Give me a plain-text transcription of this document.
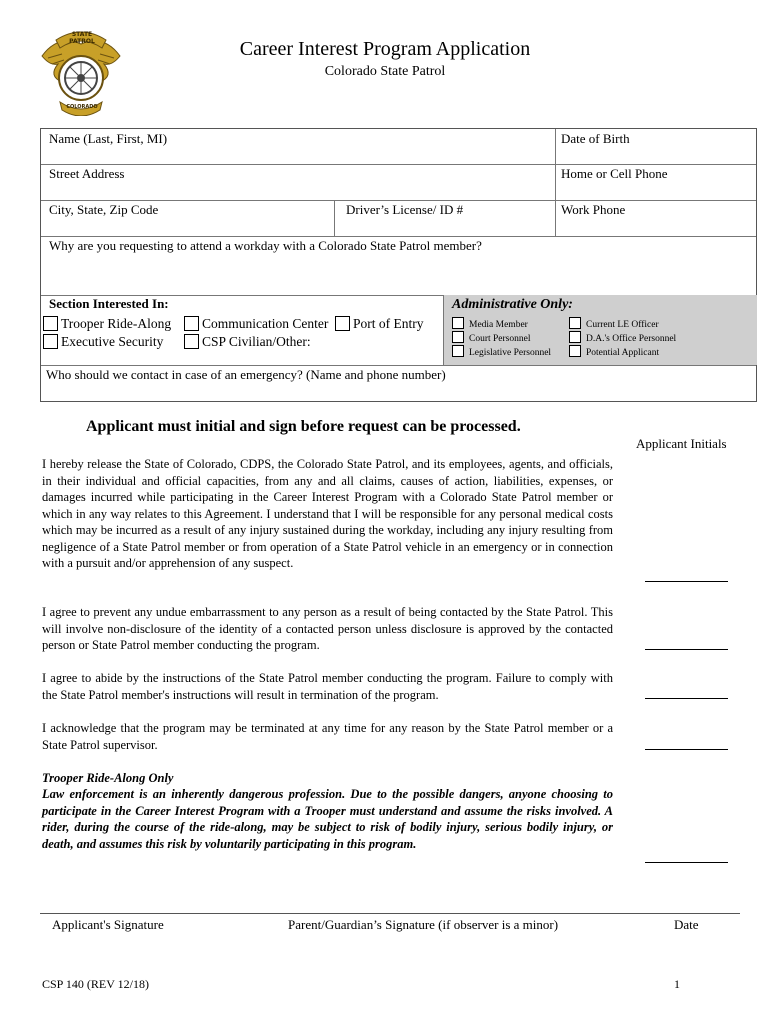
STATE PATROL
COLORADO
Career Interest Program Application
Colorado State Patrol
Name (Last, First, MI)	Date of Birth
Street Address	Home or Cell Phone
City, State, Zip Code	Driver’s License/ ID #	Work Phone
Why are you requesting to attend a workday with a Colorado State Patrol member?
Section Interested In:
Trooper Ride-Along	Communication Center	Port of Entry
Executive Security	CSP Civilian/Other:
Administrative Only:
Media Member
Court Personnel
Legislative Personnel
Current LE Officer
D.A.'s Office Personnel
Potential Applicant
Who should we contact in case of an emergency? (Name and phone number)
Applicant must initial and sign before request can be processed.
Applicant Initials
I hereby release the State of Colorado, CDPS, the Colorado State Patrol, and its employees, agents, and officials, in their individual and official capacities, from any and all claims, causes of action, liabilities, expenses, or damages incurred while participating in the Career Interest Program with a Colorado State Patrol member or which in any way relates to this Agreement. I understand that I will be responsible for any personal medical costs which may be incurred as a result of any injury sustained during the workday, including any injury resulting from negligence of a State Patrol member or from operation of a State Patrol vehicle in an emergency or in connection with a pursuit and/or apprehension of any suspect.
I agree to prevent any undue embarrassment to any person as a result of being contacted by the State Patrol. This will involve non-disclosure of the identity of a contacted person unless disclosure is approved by the contacted person or State Patrol member conducting the program.
I agree to abide by the instructions of the State Patrol member conducting the program. Failure to comply with the State Patrol member's instructions will result in termination of the program.
I acknowledge that the program may be terminated at any time for any reason by the State Patrol member or a State Patrol supervisor.
Trooper Ride-Along Only
Law enforcement is an inherently dangerous profession. Due to the possible dangers, anyone choosing to participate in the Career Interest Program with a Trooper must understand and assume the risks involved. A rider, during the course of the ride-along, may be subject to risk of bodily injury, serious bodily injury, or death, and assumes this risk by voluntarily participating in this program.
Applicant's Signature	Parent/Guardian’s Signature (if observer is a minor)	Date
CSP 140 (REV 12/18)	1
